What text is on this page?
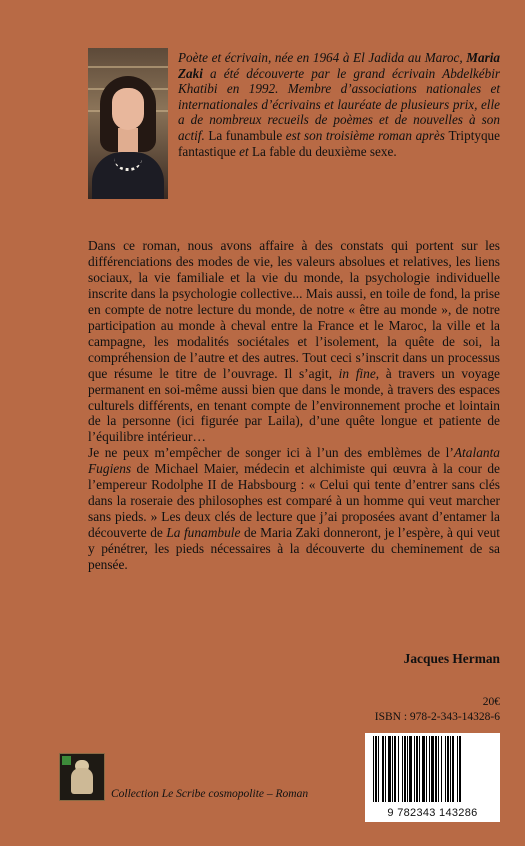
Poète et écrivain, née en 1964 à El Jadida au Maroc, Maria Zaki a été découverte par le grand écrivain Abdelkébir Khatibi en 1992. Membre d’associations nationales et internationales d’écrivains et lauréate de plusieurs prix, elle a de nombreux recueils de poèmes et de nouvelles à son actif. La funambule est son troisième roman après Triptyque fantastique et La fable du deuxième sexe.

Dans ce roman, nous avons affaire à des constats qui portent sur les différenciations des modes de vie, les valeurs absolues et relatives, les liens sociaux, la vie familiale et la vie du monde, la psychologie individuelle inscrite dans la psychologie collective... Mais aussi, en toile de fond, la prise en compte de notre lecture du monde, de notre « être au monde », de notre participation au monde à cheval entre la France et le Maroc, la ville et la campagne, les modalités sociétales et l’isolement, la quête de soi, la compréhension de l’autre et des autres. Tout ceci s’inscrit dans un processus que résume le titre de l’ouvrage. Il s’agit, in fine, à travers un voyage permanent en soi-même aussi bien que dans le monde, à travers des espaces culturels différents, en tenant compte de l’environnement proche et lointain de la personne (ici figurée par Laila), d’une quête longue et patiente de l’équilibre intérieur…

Je ne peux m’empêcher de songer ici à l’un des emblèmes de l’Atalanta Fugiens de Michael Maier, médecin et alchimiste qui œuvra à la cour de l’empereur Rodolphe II de Habsbourg : « Celui qui tente d’entrer sans clés dans la roseraie des philosophes est comparé à un homme qui veut marcher sans pieds. » Les deux clés de lecture que j’ai proposées avant d’entamer la découverte de La funambule de Maria Zaki donneront, je l’espère, à qui veut y pénétrer, les pieds nécessaires à la découverte du cheminement de sa pensée.

Jacques Herman
20€
ISBN : 978-2-343-14328-6
9 782343 143286
Collection Le Scribe cosmopolite – Roman
